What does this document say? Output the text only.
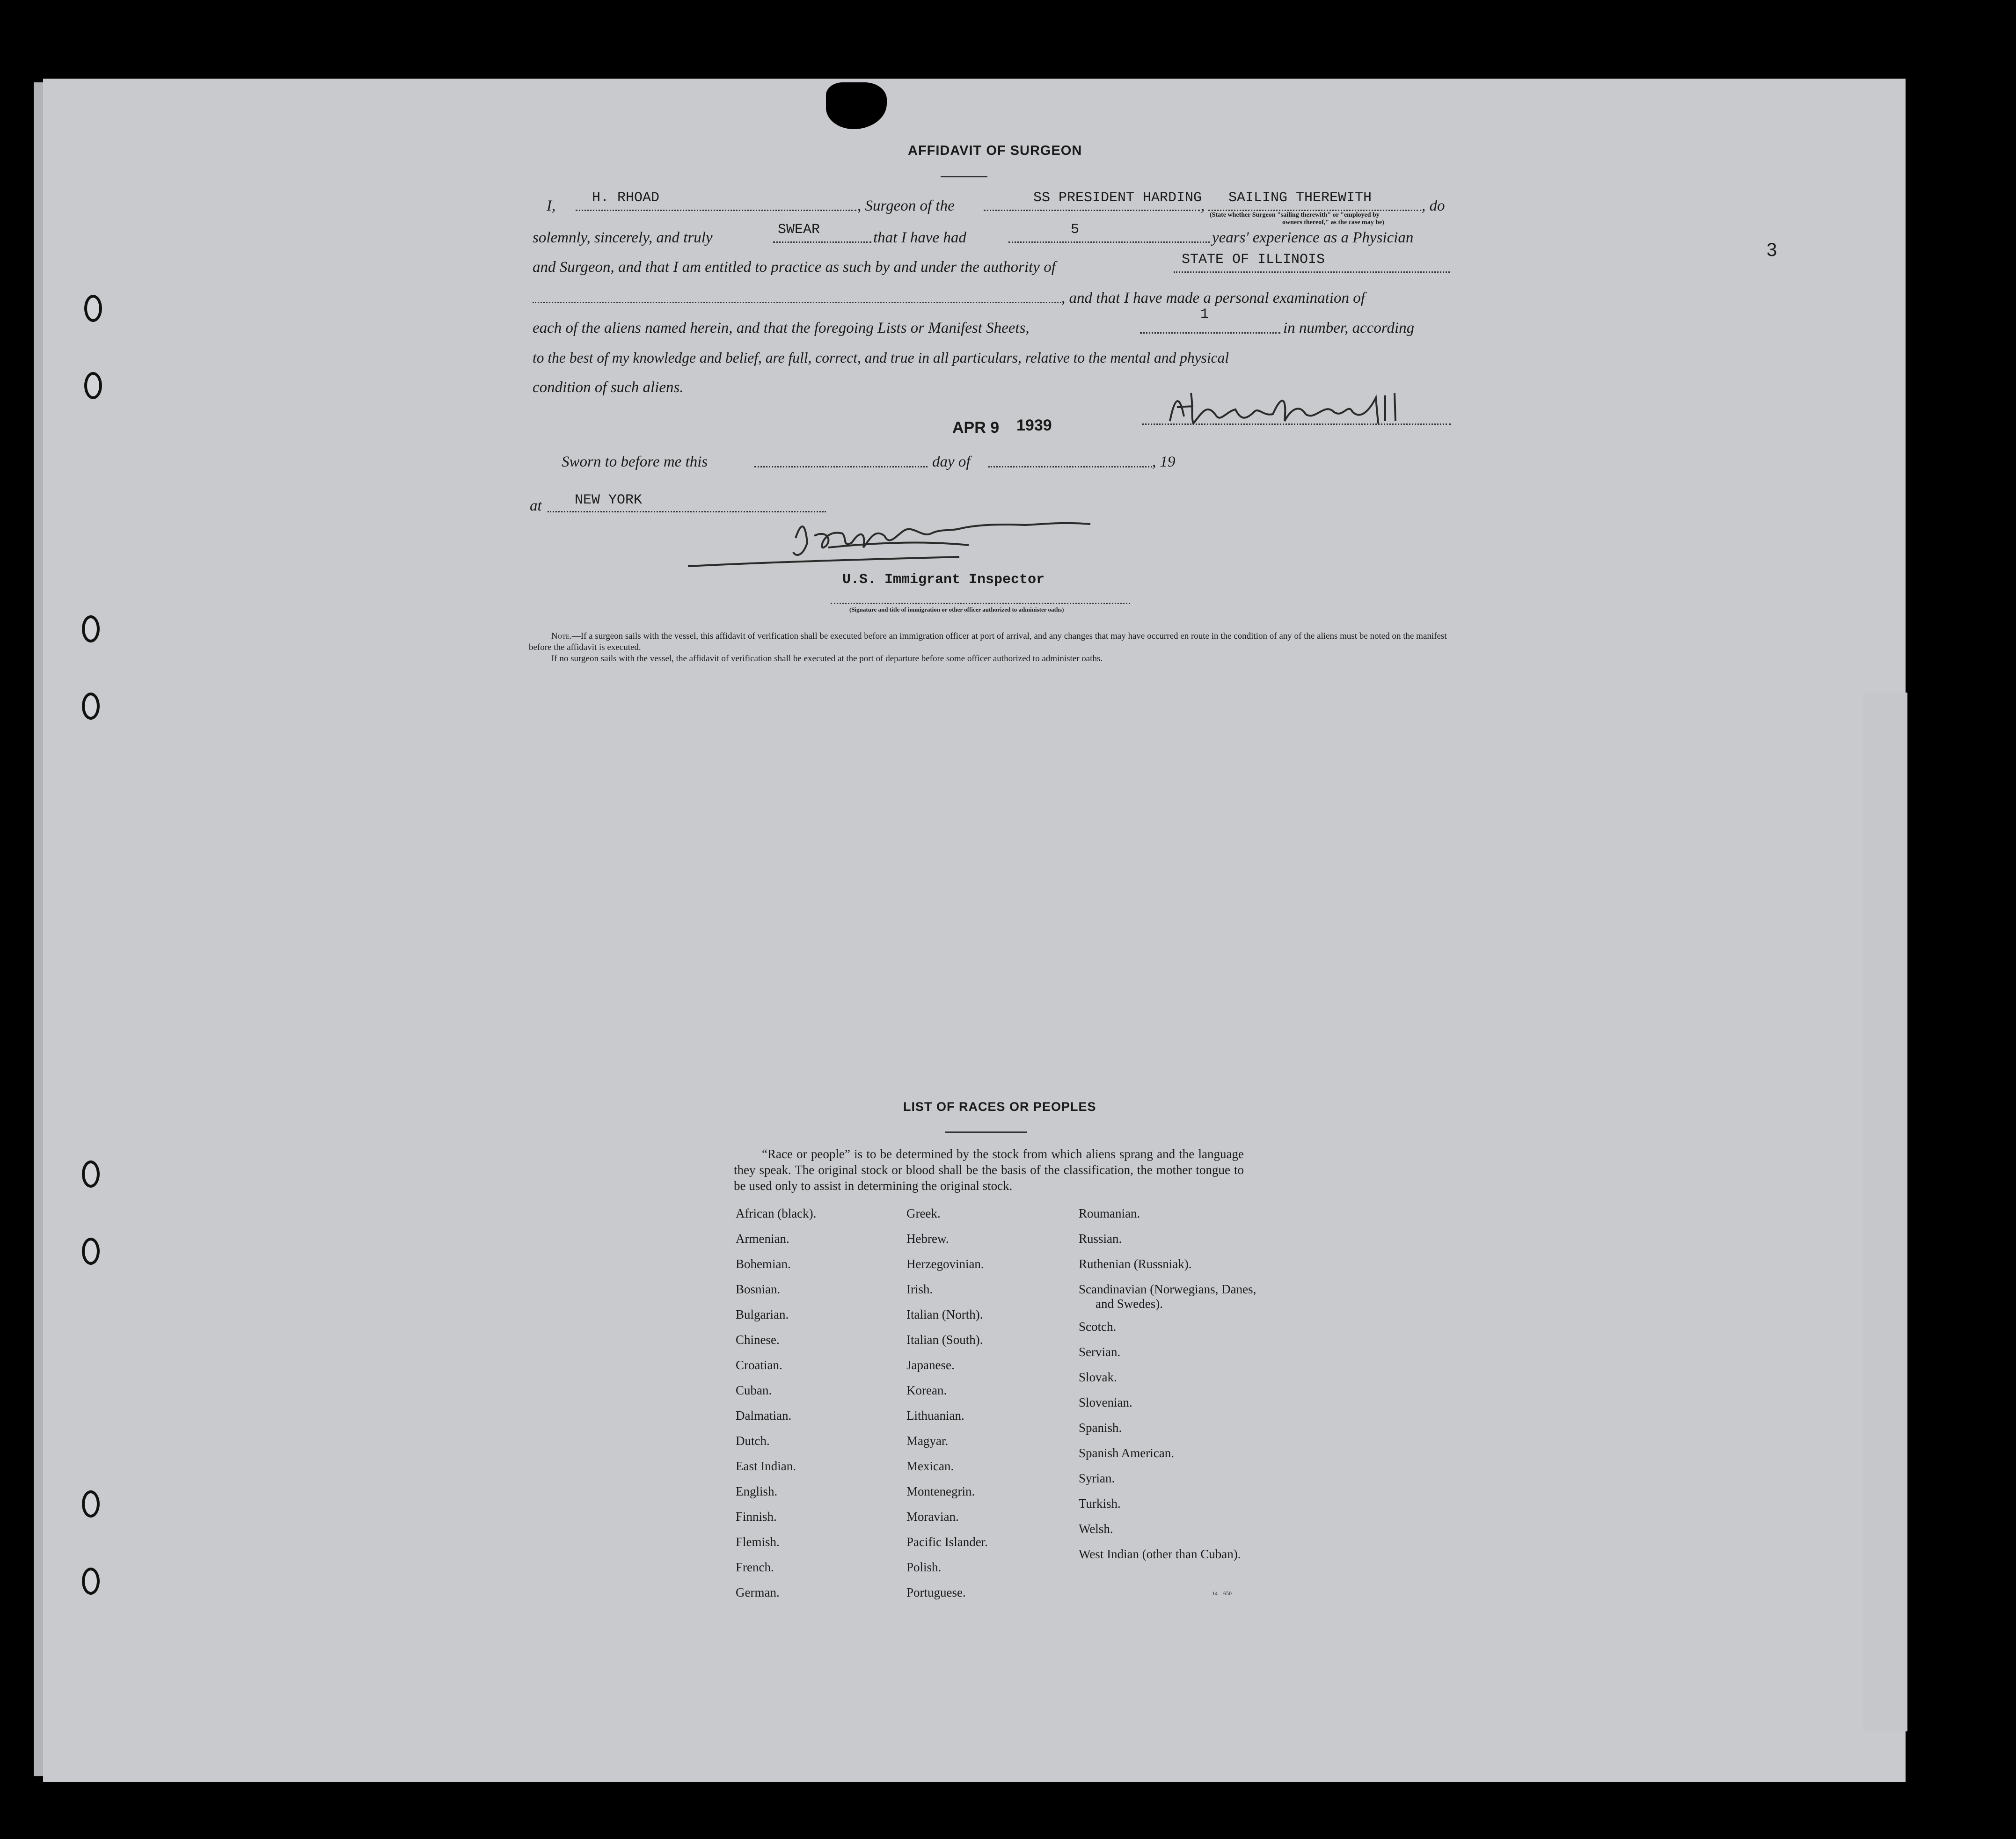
3
AFFIDAVIT OF SURGEON
I,	H. RHOAD	, Surgeon of the	SS PRESIDENT HARDING
, SAILING THEREWITH	, do
(State whether Surgeon "sailing therewith" or "employed by
owners thereof," as the case may be)
solemnly, sincerely, and truly	SWEAR	that I have had	5	years' experience as a Physician
and Surgeon, and that I am entitled to practice as such by and under the authority of	STATE OF ILLINOIS
, and that I have made a personal examination of
each of the aliens named herein, and that the foregoing Lists or Manifest Sheets,
1
in number, according
to the best of my knowledge and belief, are full, correct, and true in all particulars, relative to the mental and physical
condition of such aliens.
APR 9 1939
Sworn to before me this	day of	, 19
at NEW YORK
U.S. Immigrant Inspector
(Signature and title of immigration or other officer authorized to administer oaths)
Note.—If a surgeon sails with the vessel, this affidavit of verification shall be executed before an immigration officer at port of arrival, and any changes that may have occurred en route in the condition of any of the aliens must be noted on the manifest before the affidavit is executed.
If no surgeon sails with the vessel, the affidavit of verification shall be executed at the port of departure before some officer authorized to administer oaths.
LIST OF RACES OR PEOPLES
“Race or people” is to be determined by the stock from which aliens sprang and the language they speak. The original stock or blood shall be the basis of the classification, the mother tongue to be used only to assist in determining the original stock.
African (black).
Armenian.
Bohemian.
Bosnian.
Bulgarian.
Chinese.
Croatian.
Cuban.
Dalmatian.
Dutch.
East Indian.
English.
Finnish.
Flemish.
French.
German.
Greek.
Hebrew.
Herzegovinian.
Irish.
Italian (North).
Italian (South).
Japanese.
Korean.
Lithuanian.
Magyar.
Mexican.
Montenegrin.
Moravian.
Pacific Islander.
Polish.
Portuguese.
Roumanian.
Russian.
Ruthenian (Russniak).
Scandinavian (Norwegians, Danes, and Swedes).
Scotch.
Servian.
Slovak.
Slovenian.
Spanish.
Spanish American.
Syrian.
Turkish.
Welsh.
West Indian (other than Cuban).
14—650
